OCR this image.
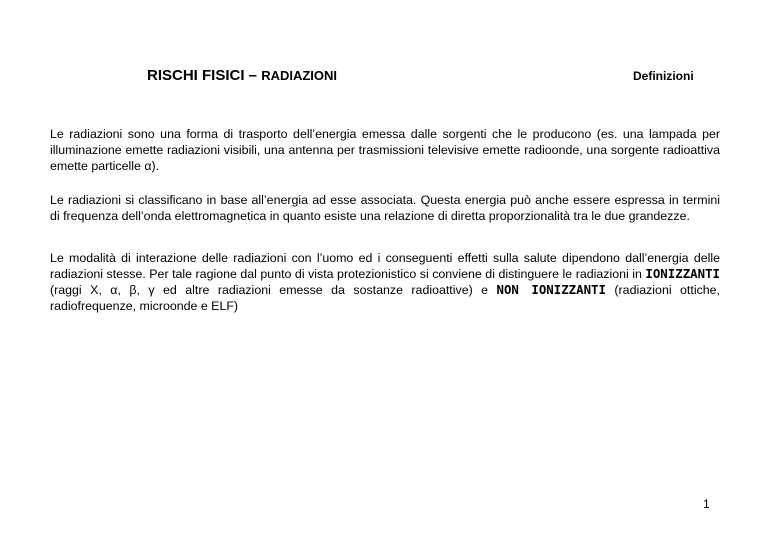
RISCHI FISICI – RADIAZIONI	Definizioni

Le radiazioni sono una forma di trasporto dell’energia emessa dalle sorgenti che le producono (es. una lampada per illuminazione emette radiazioni visibili, una antenna per trasmissioni televisive emette radioonde, una sorgente radioattiva emette particelle α).

Le radiazioni si classificano in base all’energia ad esse associata. Questa energia può anche essere espressa in termini di frequenza dell’onda elettromagnetica in quanto esiste una relazione di diretta proporzionalità tra le due grandezze.

Le modalità di interazione delle radiazioni con l’uomo ed i conseguenti effetti sulla salute dipendono dall’energia delle radiazioni stesse. Per tale ragione dal punto di vista protezionistico si conviene di distinguere le radiazioni in IONIZZANTI (raggi X, α, β, γ ed altre radiazioni emesse da sostanze radioattive) e NON IONIZZANTI (radiazioni ottiche, radiofrequenze, microonde e ELF)

1
